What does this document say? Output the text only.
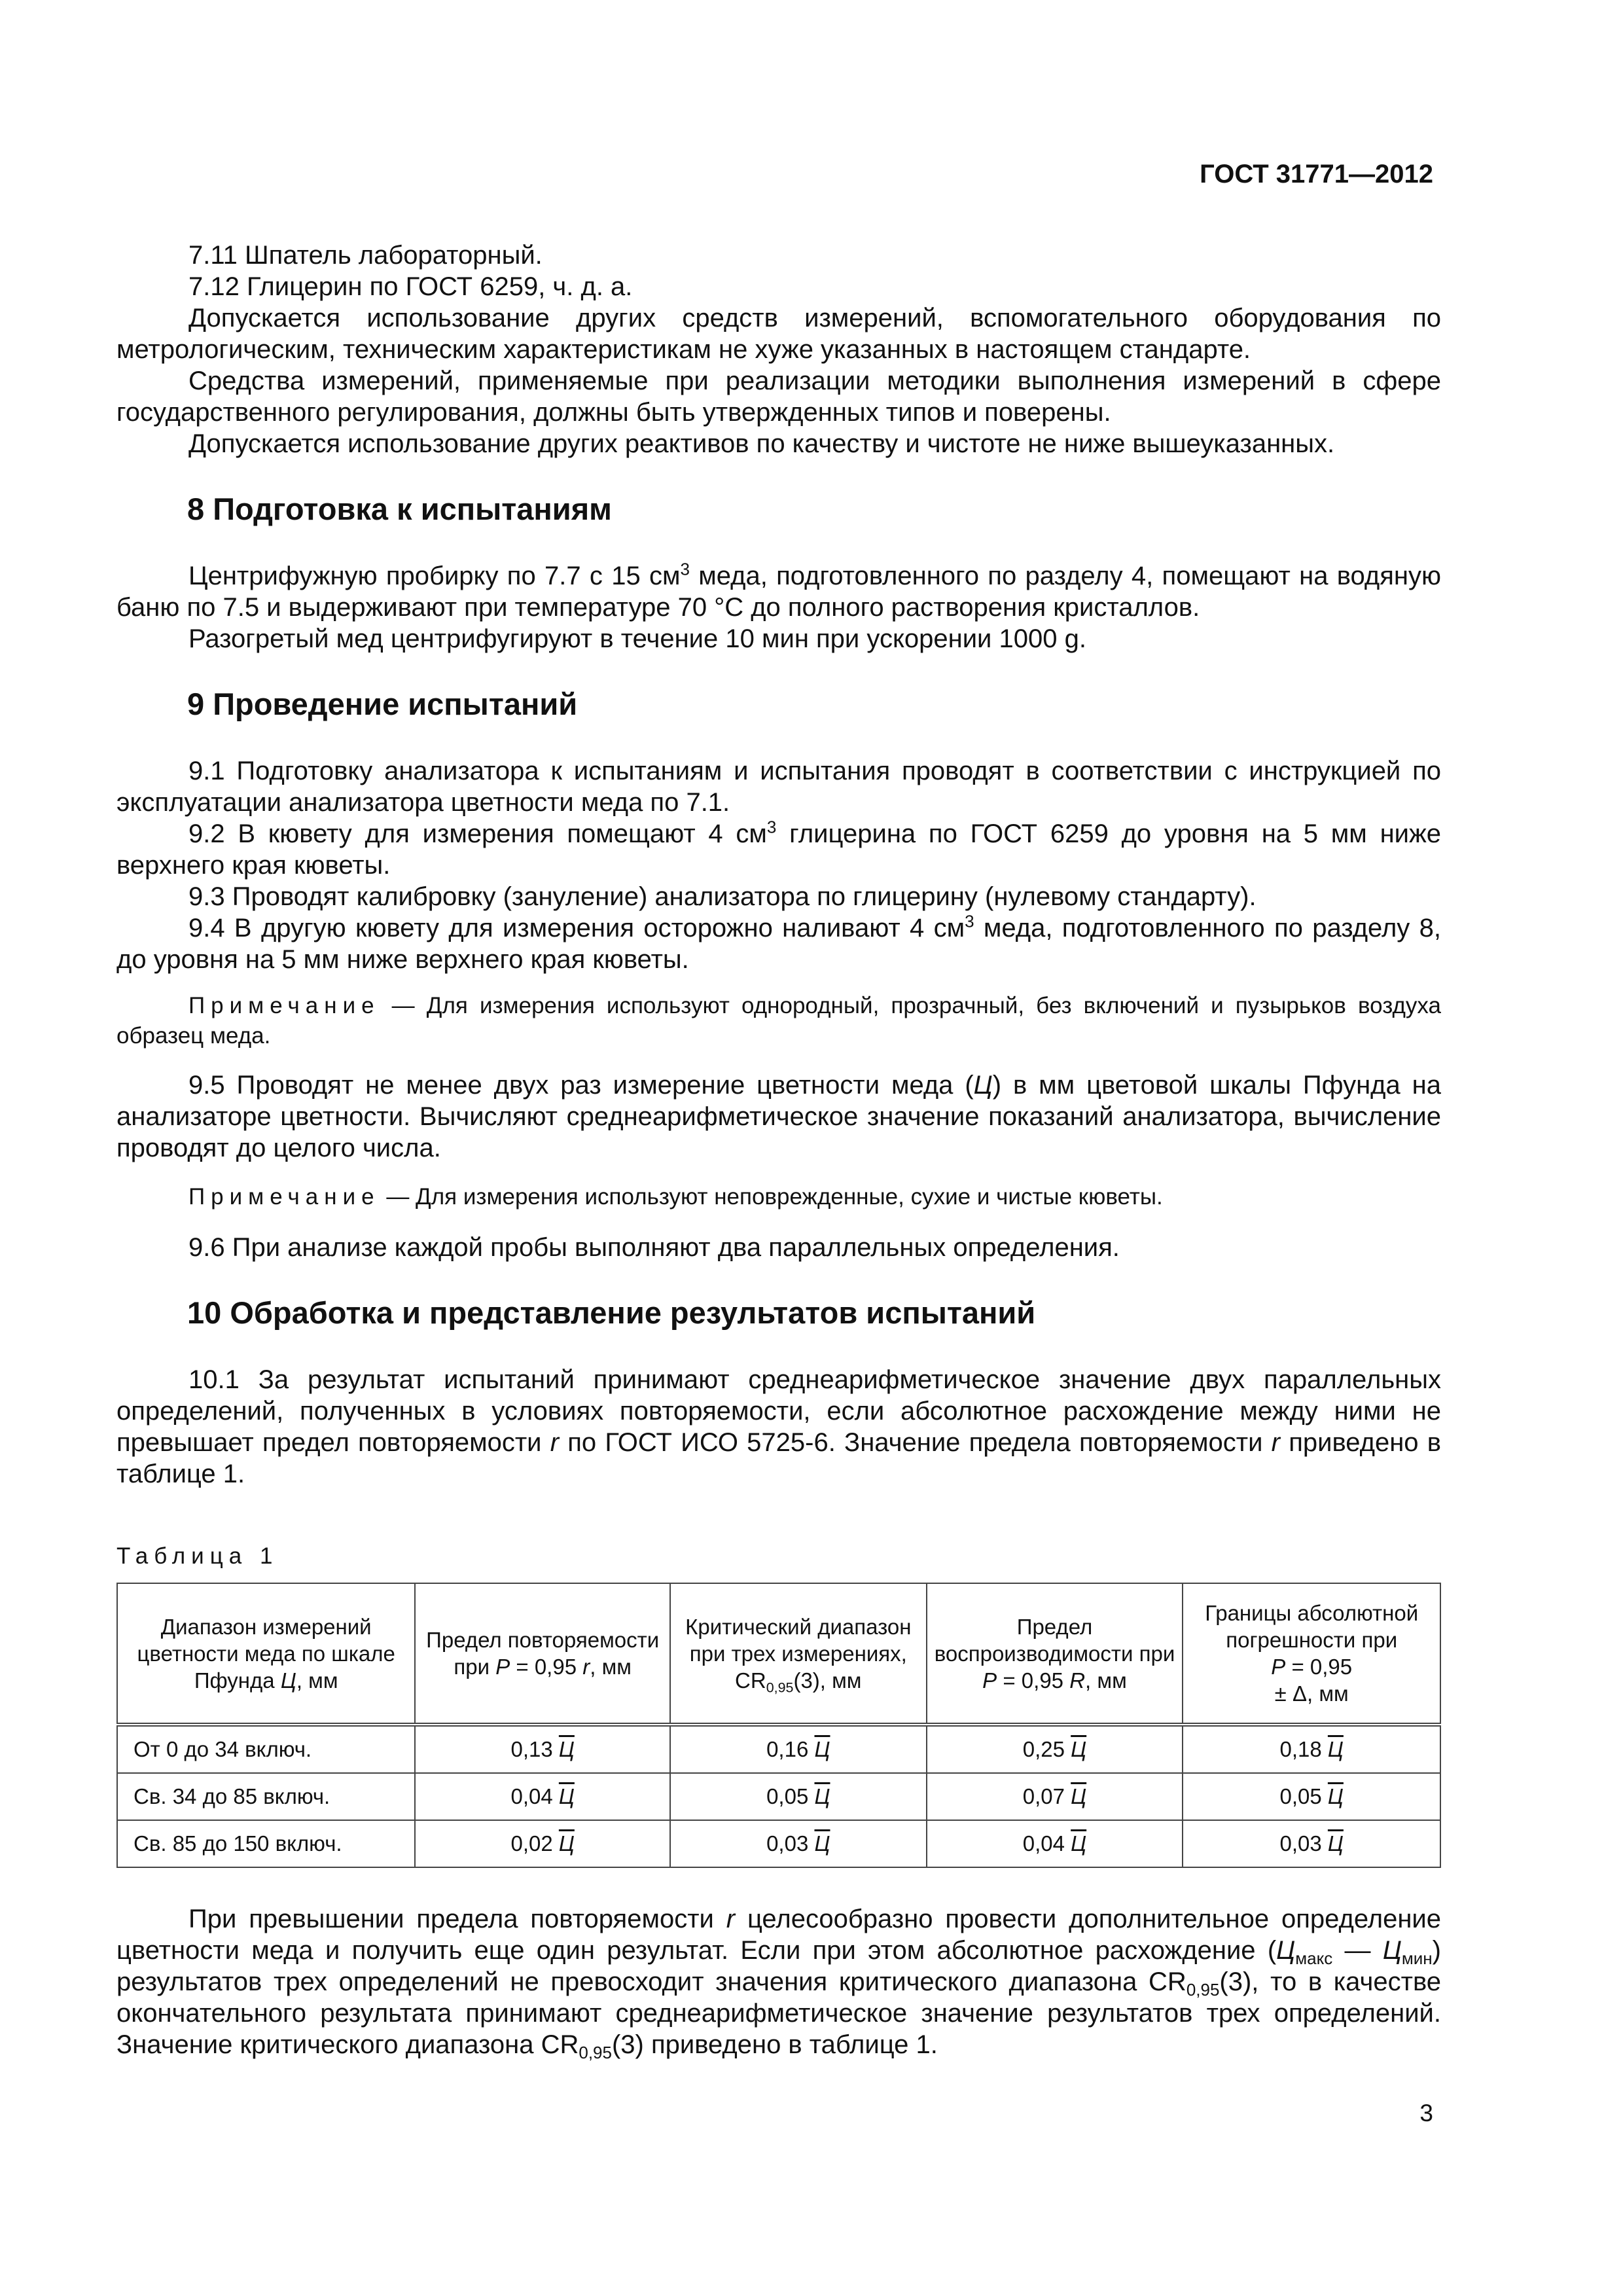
ГОСТ 31771—2012

7.11 Шпатель лабораторный.

7.12 Глицерин по ГОСТ 6259, ч. д. а.

Допускается использование других средств измерений, вспомогательного оборудования по метрологическим, техническим характеристикам не хуже указанных в настоящем стандарте.

Средства измерений, применяемые при реализации методики выполнения измерений в сфере государственного регулирования, должны быть утвержденных типов и поверены.

Допускается использование других реактивов по качеству и чистоте не ниже вышеуказанных.

8 Подготовка к испытаниям

Центрифужную пробирку по 7.7 с 15 $см^3$ меда, подготовленного по разделу 4, помещают на водяную баню по 7.5 и выдерживают при температуре 70 °С до полного растворения кристаллов.

Разогретый мед центрифугируют в течение 10 мин при ускорении 1000 g.

9 Проведение испытаний

9.1 Подготовку анализатора к испытаниям и испытания проводят в соответствии с инструкцией по эксплуатации анализатора цветности меда по 7.1.

9.2 В кювету для измерения помещают 4 $см^3$ глицерина по ГОСТ 6259 до уровня на 5 мм ниже верхнего края кюветы.

9.3 Проводят калибровку (зануление) анализатора по глицерину (нулевому стандарту).

9.4 В другую кювету для измерения осторожно наливают 4 $см^3$ меда, подготовленного по разделу 8, до уровня на 5 мм ниже верхнего края кюветы.

Примечание — Для измерения используют однородный, прозрачный, без включений и пузырьков воздуха образец меда.

9.5 Проводят не менее двух раз измерение цветности меда (Ц) в мм цветовой шкалы Пфунда на анализаторе цветности. Вычисляют среднеарифметическое значение показаний анализатора, вычисление проводят до целого числа.

Примечание — Для измерения используют неповрежденные, сухие и чистые кюветы.

9.6 При анализе каждой пробы выполняют два параллельных определения.

10 Обработка и представление результатов испытаний

10.1 За результат испытаний принимают среднеарифметическое значение двух параллельных определений, полученных в условиях повторяемости, если абсолютное расхождение между ними не превышает предел повторяемости r по ГОСТ ИСО 5725-6. Значение предела повторяемости r приведено в таблице 1.

Таблица 1

Диапазон измерений цветности меда по шкале Пфунда Ц, мм	Предел повторяемости при P = 0,95 r, мм	Критический диапазон при трех измерениях, $CR_{0,95}(3)$, мм	Предел воспроизводимости при P = 0,95 R, мм	Границы абсолютной погрешности при
P = 0,95
± Δ, мм
От 0 до 34 включ.	0,13 Ц	0,16 Ц	0,25 Ц	0,18 Ц
Св. 34 до 85 включ.	0,04 Ц	0,05 Ц	0,07 Ц	0,05 Ц
Св. 85 до 150 включ.	0,02 Ц	0,03 Ц	0,04 Ц	0,03 Ц

При превышении предела повторяемости r целесообразно провести дополнительное определение цветности меда и получить еще один результат. Если при этом абсолютное расхождение ($Ц_{макс}$ — $Ц_{мин}$) результатов трех определений не превосходит значения критического диапазона $CR_{0,95}(3)$, то в качестве окончательного результата принимают среднеарифметическое значение результатов трех определений. Значение критического диапазона $CR_{0,95}(3)$ приведено в таблице 1.

3
